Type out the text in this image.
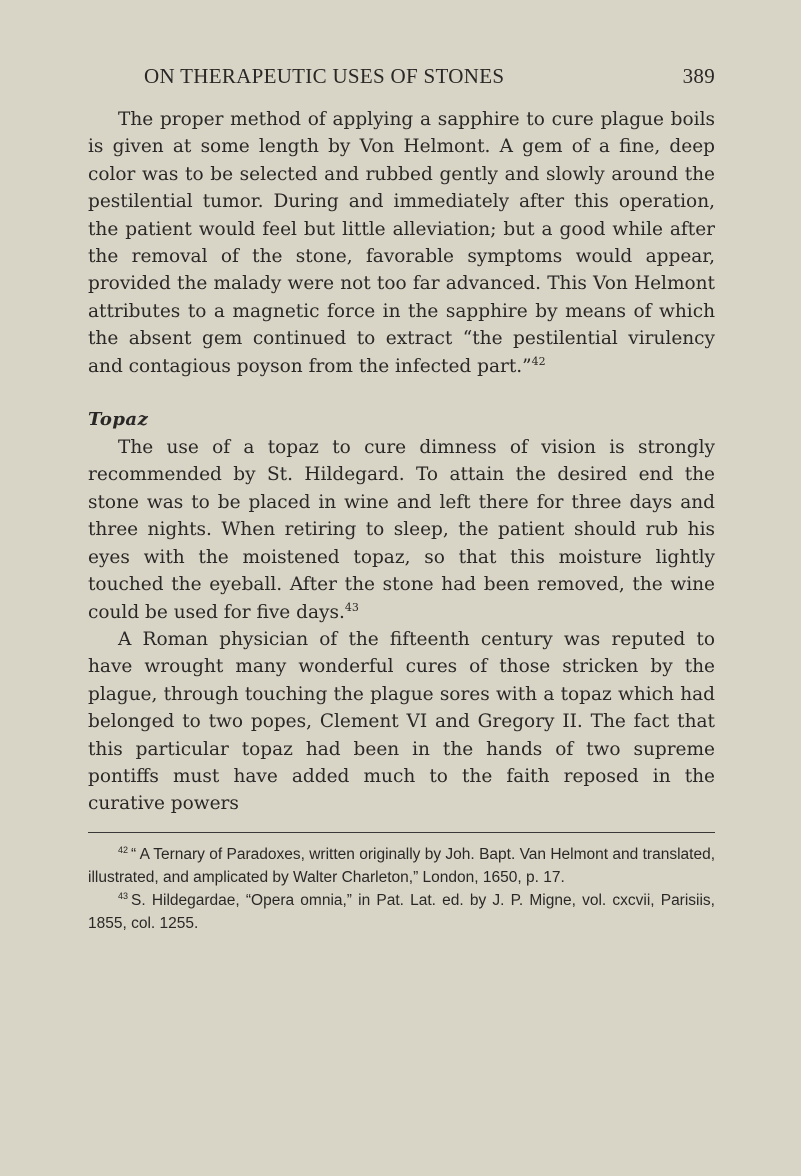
ON THERAPEUTIC USES OF STONES	389

The proper method of applying a sapphire to cure plague boils is given at some length by Von Helmont. A gem of a fine, deep color was to be selected and rubbed gently and slowly around the pestilential tumor. During and immediately after this operation, the patient would feel but little alleviation; but a good while after the removal of the stone, favorable symptoms would appear, provided the malady were not too far advanced. This Von Helmont attributes to a magnetic force in the sapphire by means of which the absent gem continued to extract “the pestilential virulency and contagious poyson from the infected part.”$^{42}$

Topaz

The use of a topaz to cure dimness of vision is strongly recommended by St. Hildegard. To attain the desired end the stone was to be placed in wine and left there for three days and three nights. When retiring to sleep, the patient should rub his eyes with the moistened topaz, so that this moisture lightly touched the eyeball. After the stone had been removed, the wine could be used for five days.$^{43}$

A Roman physician of the fifteenth century was reputed to have wrought many wonderful cures of those stricken by the plague, through touching the plague sores with a topaz which had belonged to two popes, Clement VI and Gregory II. The fact that this particular topaz had been in the hands of two supreme pontiffs must have added much to the faith reposed in the curative powers

$^{42}$ “ A Ternary of Paradoxes, written originally by Joh. Bapt. Van Helmont and translated, illustrated, and amplicated by Walter Charleton,” London, 1650, p. 17.

$^{43}$ S. Hildegardae, “Opera omnia,” in Pat. Lat. ed. by J. P. Migne, vol. cxcvii, Parisiis, 1855, col. 1255.
